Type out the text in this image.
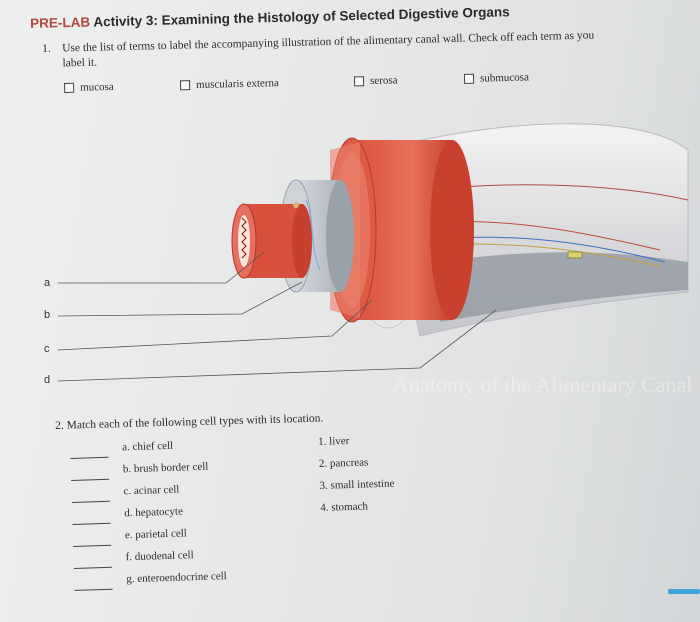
PRE-LAB Activity 3: Examining the Histology of Selected Digestive Organs
1. Use the list of terms to label the accompanying illustration of the alimentary canal wall. Check off each term as you label it.
mucosa	muscularis externa	serosa	submucosa
Anatomy of the Alimentary Canal
a
b
c
d
2. Match each of the following cell types with its location.
a. chief cell
b. brush border cell
c. acinar cell
d. hepatocyte
e. parietal cell
f. duodenal cell
g. enteroendocrine cell
1. liver
2. pancreas
3. small intestine
4. stomach
